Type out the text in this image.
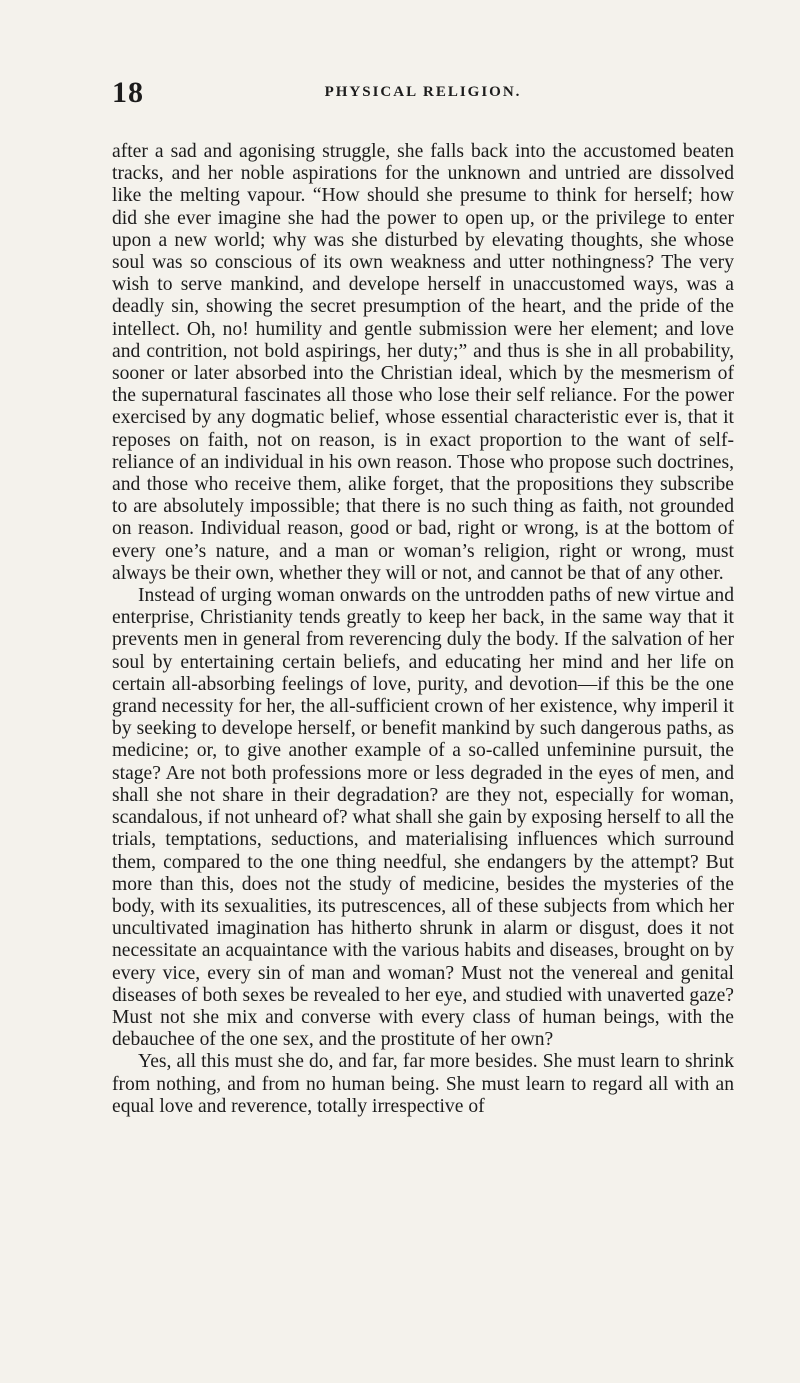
18	PHYSICAL RELIGION.

after a sad and agonising struggle, she falls back into the accustomed beaten tracks, and her noble aspirations for the unknown and untried are dissolved like the melting vapour. “How should she presume to think for herself; how did she ever imagine she had the power to open up, or the privilege to enter upon a new world; why was she disturbed by elevating thoughts, she whose soul was so conscious of its own weakness and utter nothingness? The very wish to serve mankind, and develope herself in unaccustomed ways, was a deadly sin, showing the secret presumption of the heart, and the pride of the intellect. Oh, no! humility and gentle submission were her element; and love and contrition, not bold aspirings, her duty;” and thus is she in all probability, sooner or later absorbed into the Christian ideal, which by the mesmerism of the supernatural fascinates all those who lose their self reliance. For the power exercised by any dogmatic belief, whose essential characteristic ever is, that it reposes on faith, not on reason, is in exact proportion to the want of self-reliance of an individual in his own reason. Those who propose such doctrines, and those who receive them, alike forget, that the propositions they subscribe to are absolutely impossible; that there is no such thing as faith, not grounded on reason. Individual reason, good or bad, right or wrong, is at the bottom of every one’s nature, and a man or woman’s religion, right or wrong, must always be their own, whether they will or not, and cannot be that of any other.

Instead of urging woman onwards on the untrodden paths of new virtue and enterprise, Christianity tends greatly to keep her back, in the same way that it prevents men in general from reverencing duly the body. If the salvation of her soul by entertaining certain beliefs, and educating her mind and her life on certain all-absorbing feelings of love, purity, and devotion—if this be the one grand necessity for her, the all-sufficient crown of her existence, why imperil it by seeking to develope herself, or benefit mankind by such dangerous paths, as medicine; or, to give another example of a so-called unfeminine pursuit, the stage? Are not both professions more or less degraded in the eyes of men, and shall she not share in their degradation? are they not, especially for woman, scandalous, if not unheard of? what shall she gain by exposing herself to all the trials, temptations, seductions, and materialising influences which surround them, compared to the one thing needful, she endangers by the attempt? But more than this, does not the study of medicine, besides the mysteries of the body, with its sexualities, its putrescences, all of these subjects from which her uncultivated imagination has hitherto shrunk in alarm or disgust, does it not necessitate an acquaintance with the various habits and diseases, brought on by every vice, every sin of man and woman? Must not the venereal and genital diseases of both sexes be revealed to her eye, and studied with unaverted gaze? Must not she mix and converse with every class of human beings, with the debauchee of the one sex, and the prostitute of her own?

Yes, all this must she do, and far, far more besides. She must learn to shrink from nothing, and from no human being. She must learn to regard all with an equal love and reverence, totally irrespective of
